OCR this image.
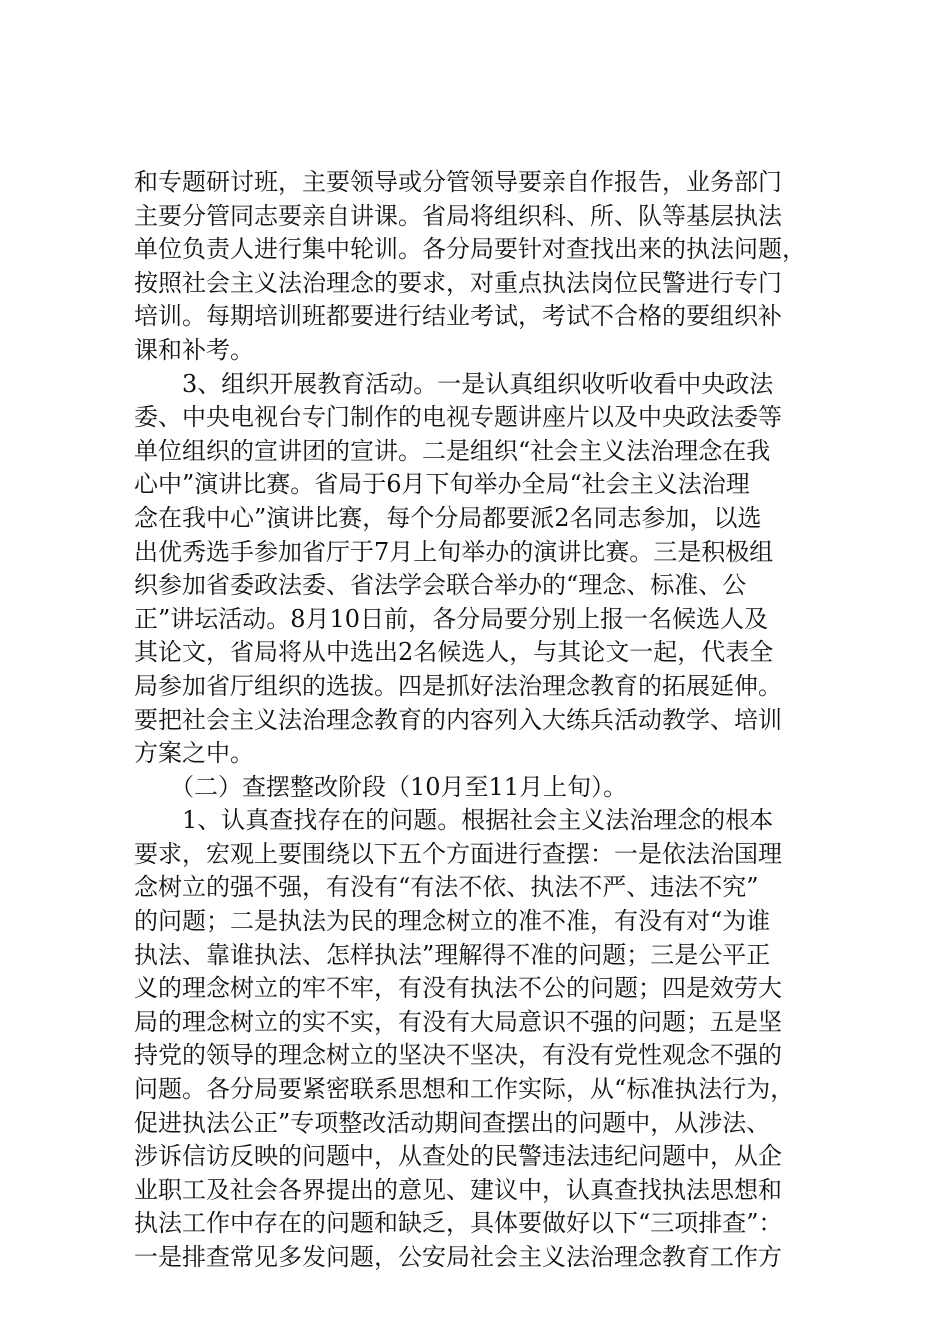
和专题研讨班，主要领导或分管领导要亲自作报告，业务部门
主要分管同志要亲自讲课。省局将组织科、所、队等基层执法
单位负责人进行集中轮训。各分局要针对查找出来的执法问题，
按照社会主义法治理念的要求，对重点执法岗位民警进行专门
培训。每期培训班都要进行结业考试，考试不合格的要组织补
课和补考。
　　3、组织开展教育活动。一是认真组织收听收看中央政法
委、中央电视台专门制作的电视专题讲座片以及中央政法委等
单位组织的宣讲团的宣讲。二是组织“社会主义法治理念在我
心中”演讲比赛。省局于6月下旬举办全局“社会主义法治理
念在我中心”演讲比赛，每个分局都要派2名同志参加，以选
出优秀选手参加省厅于7月上旬举办的演讲比赛。三是积极组
织参加省委政法委、省法学会联合举办的“理念、标准、公
正”讲坛活动。8月10日前，各分局要分别上报一名候选人及
其论文，省局将从中选出2名候选人，与其论文一起，代表全
局参加省厅组织的选拔。四是抓好法治理念教育的拓展延伸。
要把社会主义法治理念教育的内容列入大练兵活动教学、培训
方案之中。
　　（二）查摆整改阶段（10月至11月上旬）。
　　1、认真查找存在的问题。根据社会主义法治理念的根本
要求，宏观上要围绕以下五个方面进行查摆：一是依法治国理
念树立的强不强，有没有“有法不依、执法不严、违法不究”
的问题；二是执法为民的理念树立的准不准，有没有对“为谁
执法、靠谁执法、怎样执法”理解得不准的问题；三是公平正
义的理念树立的牢不牢，有没有执法不公的问题；四是效劳大
局的理念树立的实不实，有没有大局意识不强的问题；五是坚
持党的领导的理念树立的坚决不坚决，有没有党性观念不强的
问题。各分局要紧密联系思想和工作实际，从“标准执法行为，
促进执法公正”专项整改活动期间查摆出的问题中，从涉法、
涉诉信访反映的问题中，从查处的民警违法违纪问题中，从企
业职工及社会各界提出的意见、建议中，认真查找执法思想和
执法工作中存在的问题和缺乏，具体要做好以下“三项排查”：
一是排查常见多发问题，公安局社会主义法治理念教育工作方
